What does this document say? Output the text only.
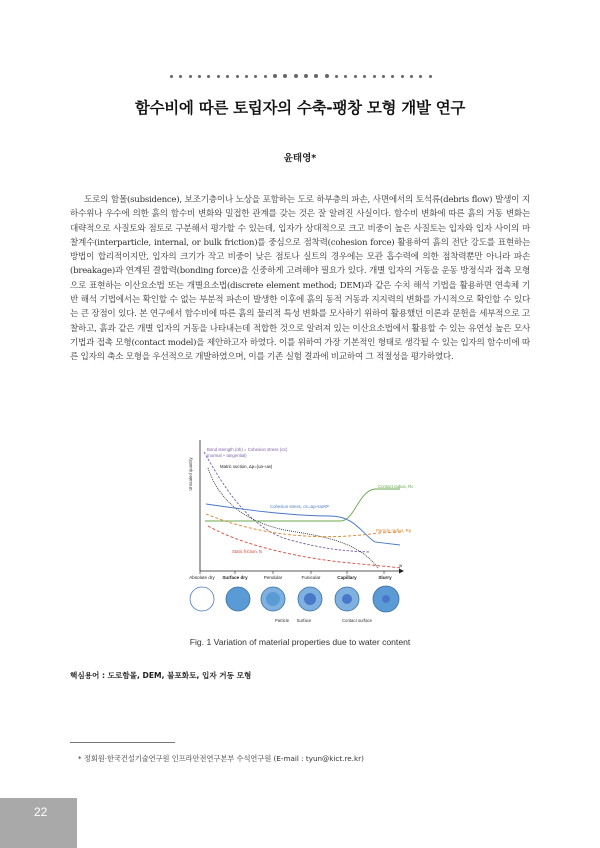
함수비에 따른 토립자의 수축-팽창 모형 개발 연구
윤태영*

도로의 함몰(subsidence), 보조기층이나 노상을 포함하는 도로 하부층의 파손, 사면에서의 토석류(debris flow) 발생이 지하수위나 우수에 의한 흙의 함수비 변화와 밀접한 관계를 갖는 것은 잘 알려진 사실이다. 함수비 변화에 따른 흙의 거동 변화는 대략적으로 사질토와 점토로 구분해서 평가할 수 있는데, 입자가 상대적으로 크고 비중이 높은 사질토는 입자와 입자 사이의 마찰계수(interparticle, internal, or bulk friction)를 중심으로 점착력(cohesion force) 활용하여 흙의 전단 강도를 표현하는 방법이 합리적이지만, 입자의 크기가 작고 비중이 낮은 점토나 실트의 경우에는 모관 흡수력에 의한 점착력뿐만 아니라 파손(breakage)과 연계된 결합력(bonding force)을 신중하게 고려해야 필요가 있다. 개별 입자의 거동을 운동 방정식과 접촉 모형으로 표현하는 이산요소법 또는 개별요소법(discrete element method; DEM)과 같은 수치 해석 기법을 활용하면 연속체 기반 해석 기법에서는 확인할 수 없는 부분적 파손이 발생한 이후에 흙의 동적 거동과 지지력의 변화를 가시적으로 확인할 수 있다는 큰 장점이 있다. 본 연구에서 함수비에 따른 흙의 물리적 특성 변화를 모사하기 위하여 활용했던 이론과 문헌을 세부적으로 고찰하고, 흙과 같은 개별 입자의 거동을 나타내는데 적합한 것으로 알려져 있는 이산요소법에서 활용할 수 있는 유연성 높은 모사 기법과 접촉 모형(contact model)을 제안하고자 하였다. 이를 위하여 가장 기본적인 형태로 생각될 수 있는 입자의 함수비에 따른 입자의 축소 모형을 우선적으로 개발하였으며, 이를 기존 실험 결과에 비교하여 그 적절성을 평가하였다.

Unscaled quantity
w
Bond strength (σb) = Cohesion stress (σc)
(normal + tangential)
Matric suction, Δp=(ua−uw)
Contact radius, Rc
Cohesion stress, σc=Δp+tanΦᵇ
Particle radius, Rp
Static friction, fs
Absolute dry Surface dry	Pendular	Funicular	Capillary	Slurry
Particle Surface	Contact surface
Fig. 1 Variation of material properties due to water content
핵심용어 : 도로함몰, DEM, 불포화토, 입자 거동 모형
* 정회원·한국건설기술연구원 인프라안전연구본부 수석연구원 (E-mail : tyun@kict.re.kr)
22
